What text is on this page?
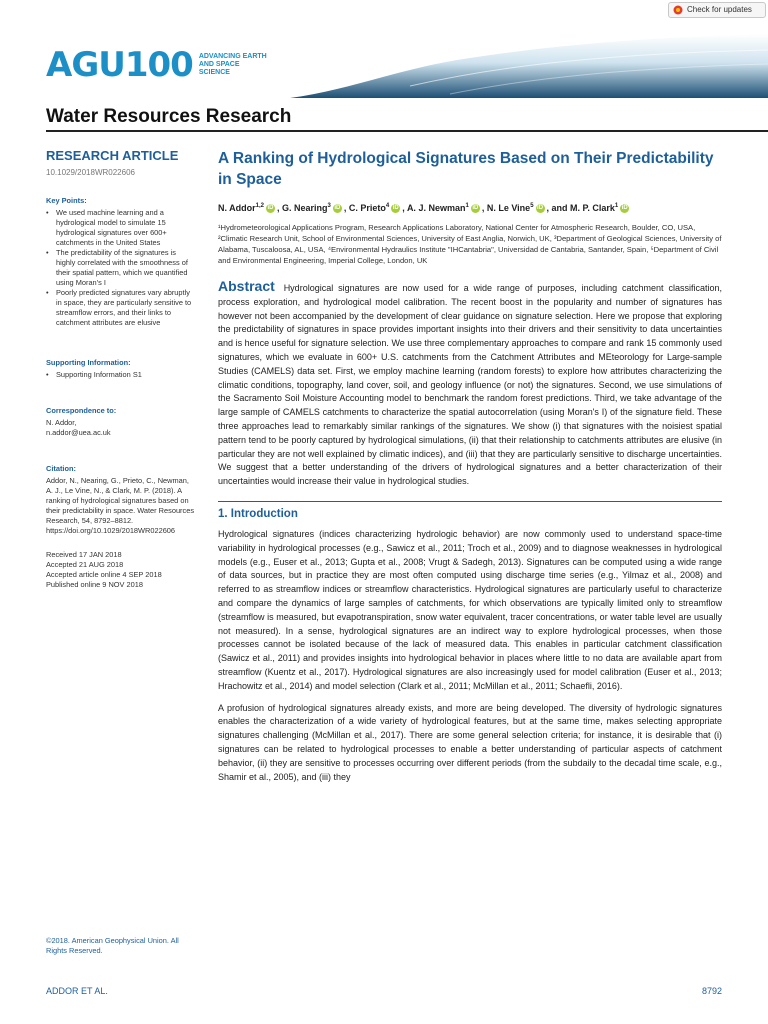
Check for updates
AGU100 ADVANCING EARTH AND SPACE SCIENCE
Water Resources Research
RESEARCH ARTICLE
10.1029/2018WR022606
Key Points:
• We used machine learning and a hydrological model to simulate 15 hydrological signatures over 600+ catchments in the United States
• The predictability of the signatures is highly correlated with the smoothness of their spatial pattern, which we quantified using Moran's I
• Poorly predicted signatures vary abruptly in space, they are particularly sensitive to streamflow errors, and their links to catchment attributes are elusive
Supporting Information:
• Supporting Information S1
Correspondence to:
N. Addor,
n.addor@uea.ac.uk
Citation:
Addor, N., Nearing, G., Prieto, C., Newman, A. J., Le Vine, N., & Clark, M. P. (2018). A ranking of hydrological signatures based on their predictability in space. Water Resources Research, 54, 8792–8812. https://doi.org/10.1029/2018WR022606
Received 17 JAN 2018
Accepted 21 AUG 2018
Accepted article online 4 SEP 2018
Published online 9 NOV 2018
©2018. American Geophysical Union. All Rights Reserved.
A Ranking of Hydrological Signatures Based on Their Predictability in Space
N. Addor$^{1,2}$ iD , G. Nearing$^3$ iD , C. Prieto$^4$ iD , A. J. Newman$^1$ iD , N. Le Vine$^5$ iD , and M. P. Clark$^1$ iD
¹Hydrometeorological Applications Program, Research Applications Laboratory, National Center for Atmospheric Research, Boulder, CO, USA, ²Climatic Research Unit, School of Environmental Sciences, University of East Anglia, Norwich, UK, ³Department of Geological Sciences, University of Alabama, Tuscaloosa, AL, USA, ⁴Environmental Hydraulics Institute "IHCantabria", Universidad de Cantabria, Santander, Spain, ⁵Department of Civil and Environmental Engineering, Imperial College, London, UK
Abstract Hydrological signatures are now used for a wide range of purposes, including catchment classification, process exploration, and hydrological model calibration. The recent boost in the popularity and number of signatures has however not been accompanied by the development of clear guidance on signature selection. Here we propose that exploring the predictability of signatures in space provides important insights into their drivers and their sensitivity to data uncertainties and is hence useful for signature selection. We use three complementary approaches to compare and rank 15 commonly used signatures, which we evaluate in 600+ U.S. catchments from the Catchment Attributes and MEteorology for Large-sample Studies (CAMELS) data set. First, we employ machine learning (random forests) to explore how attributes characterizing the climatic conditions, topography, land cover, soil, and geology influence (or not) the signatures. Second, we use simulations of the Sacramento Soil Moisture Accounting model to benchmark the random forest predictions. Third, we take advantage of the large sample of CAMELS catchments to characterize the spatial autocorrelation (using Moran's I) of the signature field. These three approaches lead to remarkably similar rankings of the signatures. We show (i) that signatures with the noisiest spatial pattern tend to be poorly captured by hydrological simulations, (ii) that their relationship to catchments attributes are elusive (in particular they are not well explained by climatic indices), and (iii) that they are particularly sensitive to discharge uncertainties. We suggest that a better understanding of the drivers of hydrological signatures and a better characterization of their uncertainties would increase their value in hydrological studies.
1. Introduction

Hydrological signatures (indices characterizing hydrologic behavior) are now commonly used to understand space-time variability in hydrological processes (e.g., Sawicz et al., 2011; Troch et al., 2009) and to diagnose weaknesses in hydrological models (e.g., Euser et al., 2013; Gupta et al., 2008; Vrugt & Sadegh, 2013). Signatures can be computed using a wide range of data sources, but in practice they are most often computed using discharge time series (e.g., Yilmaz et al., 2008) and referred to as streamflow indices or streamflow characteristics. Hydrological signatures are particularly useful to characterize and compare the dynamics of large samples of catchments, for which observations are typically limited only to streamflow (streamflow is measured, but evapotranspiration, snow water equivalent, tracer concentrations, or water table level are usually not measured). In a sense, hydrological signatures are an indirect way to explore hydrological processes, when those processes cannot be isolated because of the lack of measured data. This enables in particular catchment classification (Sawicz et al., 2011) and provides insights into hydrological behavior in places where little to no data are available apart from streamflow (Kuentz et al., 2017). Hydrological signatures are also increasingly used for model calibration (Euser et al., 2013; Hrachowitz et al., 2014) and model selection (Clark et al., 2011; McMillan et al., 2011; Schaefli, 2016).

A profusion of hydrological signatures already exists, and more are being developed. The diversity of hydrologic signatures enables the characterization of a wide variety of hydrological features, but at the same time, makes selecting appropriate signatures challenging (McMillan et al., 2017). There are some general selection criteria; for instance, it is desirable that (i) signatures can be related to hydrological processes to enable a better understanding of particular aspects of catchment behavior, (ii) they are sensitive to processes occurring over different periods (from the subdaily to the decadal time scale, e.g., Shamir et al., 2005), and (iii) they

ADDOR ET AL.	8792
